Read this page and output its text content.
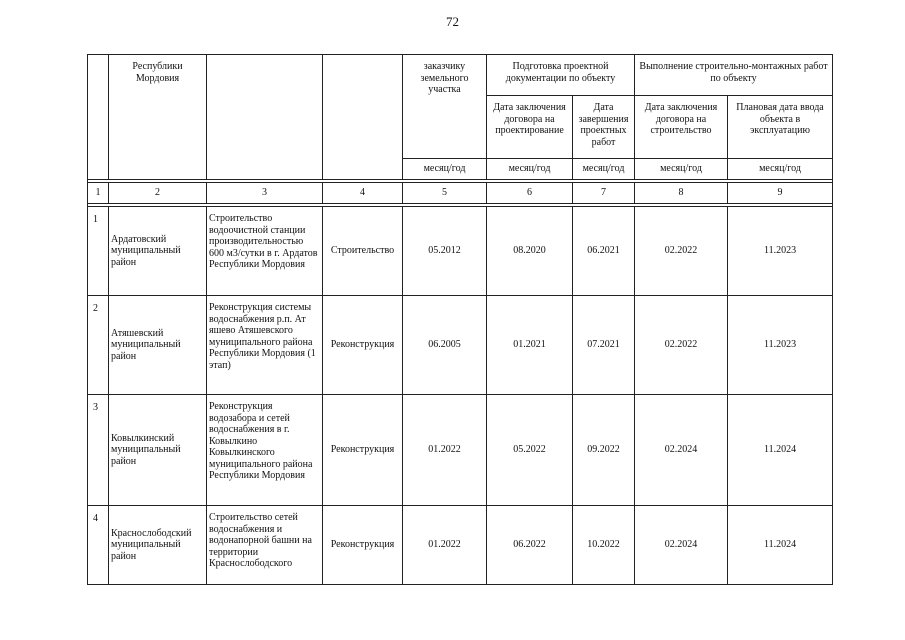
72
	Республики Мордовия			заказчику земельного участка	Подготовка проектной документации по объекту		Выполнение строительно-монтажных работ по объекту	
					Дата заключения договора на проектирование	Дата завершения проектных работ	Дата заключения договора на строительство	Плановая дата ввода объекта в эксплуатацию
				месяц/год	месяц/год	месяц/год	месяц/год	месяц/год

1	2	3	4	5	6	7	8	9

1	Ардатовский муниципальный район	Строительство водоочистной станции производительностью 600 м3/сутки в г. Ардатов Республики Мордовия	Строительство	05.2012	08.2020	06.2021	02.2022	11.2023
2	Атяшевский муниципальный район	Реконструкция системы водоснабжения р.п. Ат яшево Атяшевского муниципального района Республики Мордовия (1 этап)	Реконструкция	06.2005	01.2021	07.2021	02.2022	11.2023
3	Ковылкинский муниципальный район	Реконструкция водозабора и сетей водоснабжения в г. Ковылкино Ковылкинского муниципального района Республики Мордовия	Реконструкция	01.2022	05.2022	09.2022	02.2024	11.2024
4	Краснослободский муниципальный район	Строительство сетей водоснабжения и водонапорной башни на территории Краснослободского	Реконструкция	01.2022	06.2022	10.2022	02.2024	11.2024
